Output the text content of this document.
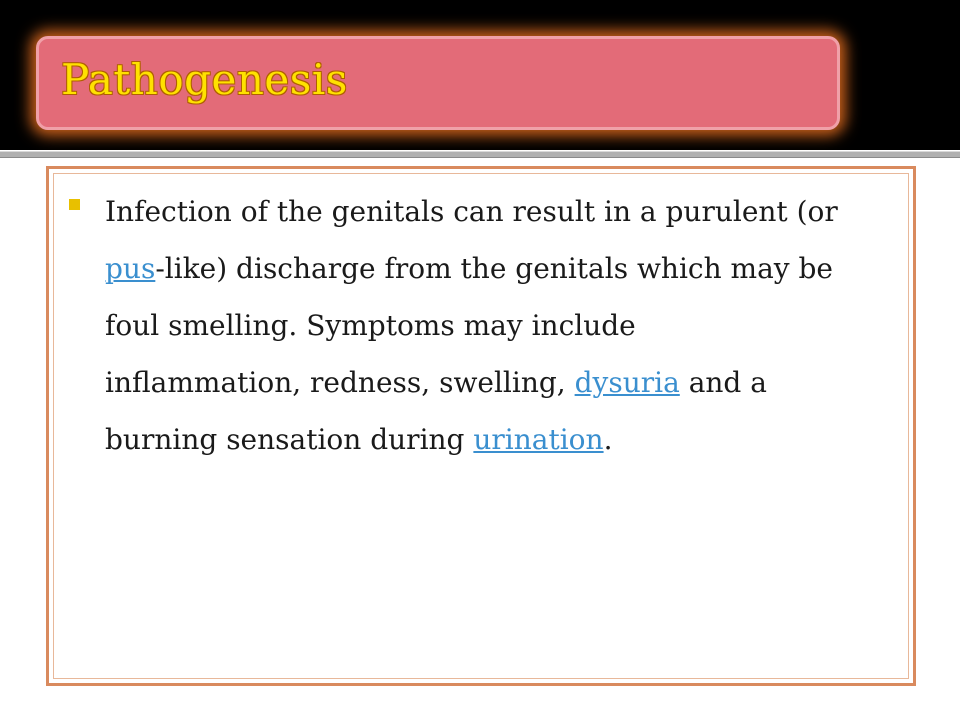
Pathogenesis

Infection of the genitals can result in a purulent (or pus-like) discharge from the genitals which may be foul smelling. Symptoms may include inflammation, redness, swelling, dysuria and a burning sensation during urination.
